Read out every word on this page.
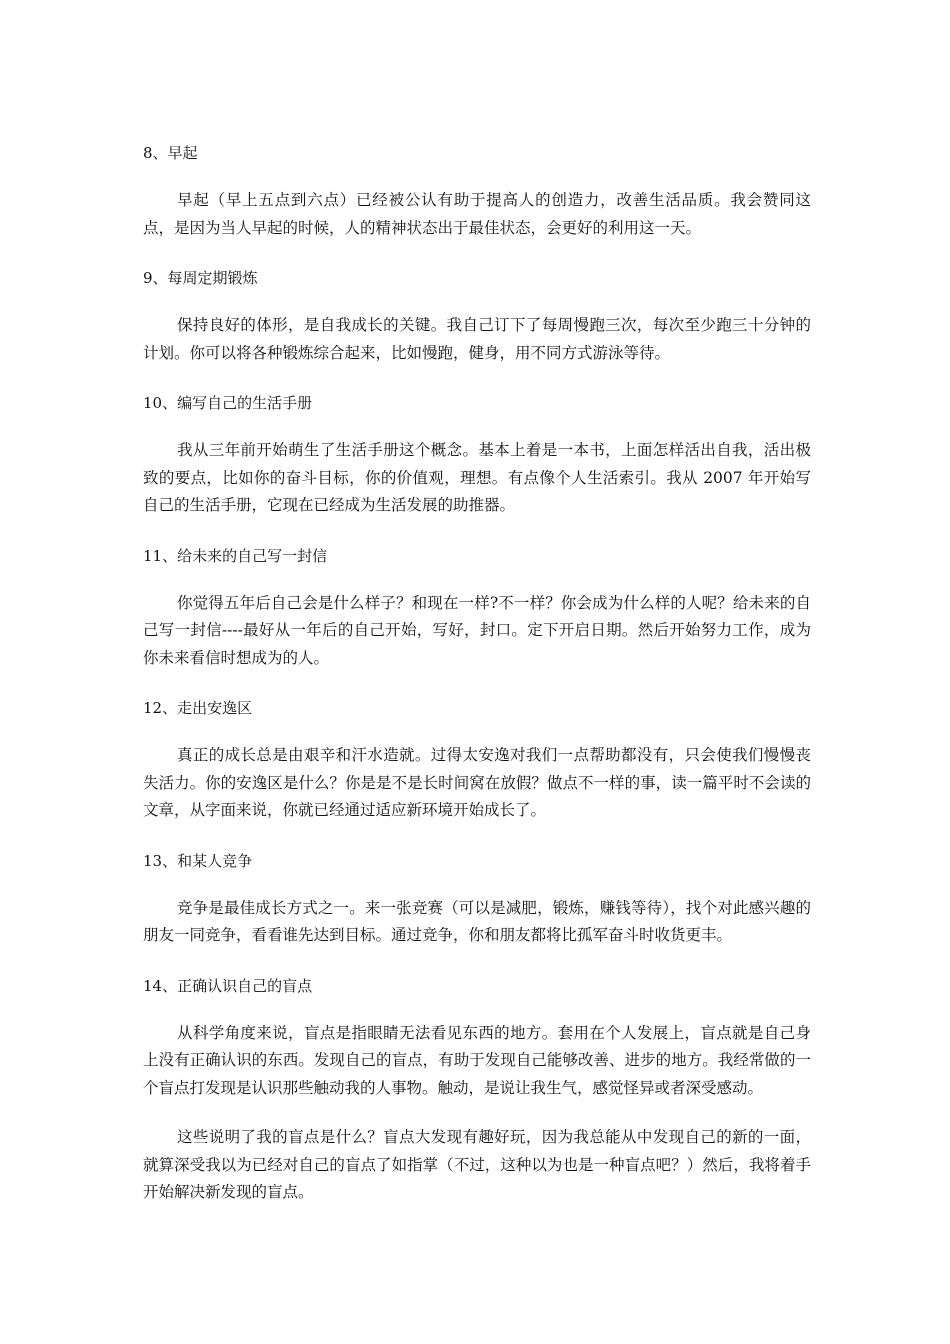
8、早起

早起（早上五点到六点）已经被公认有助于提高人的创造力，改善生活品质。我会赞同这点，是因为当人早起的时候，人的精神状态出于最佳状态，会更好的利用这一天。

9、每周定期锻炼

保持良好的体形，是自我成长的关键。我自己订下了每周慢跑三次，每次至少跑三十分钟的计划。你可以将各种锻炼综合起来，比如慢跑，健身，用不同方式游泳等待。

10、编写自己的生活手册

我从三年前开始萌生了生活手册这个概念。基本上着是一本书，上面怎样活出自我，活出极致的要点，比如你的奋斗目标，你的价值观，理想。有点像个人生活索引。我从 2007 年开始写自己的生活手册，它现在已经成为生活发展的助推器。

11、给未来的自己写一封信

你觉得五年后自己会是什么样子？和现在一样?不一样？你会成为什么样的人呢？给未来的自己写一封信----最好从一年后的自己开始，写好，封口。定下开启日期。然后开始努力工作，成为你未来看信时想成为的人。

12、走出安逸区

真正的成长总是由艰辛和汗水造就。过得太安逸对我们一点帮助都没有，只会使我们慢慢丧失活力。你的安逸区是什么？你是是不是长时间窝在放假？做点不一样的事，读一篇平时不会读的文章，从字面来说，你就已经通过适应新环境开始成长了。

13、和某人竞争

竞争是最佳成长方式之一。来一张竞赛（可以是减肥，锻炼，赚钱等待），找个对此感兴趣的朋友一同竞争，看看谁先达到目标。通过竞争，你和朋友都将比孤军奋斗时收货更丰。

14、正确认识自己的盲点

从科学角度来说，盲点是指眼睛无法看见东西的地方。套用在个人发展上，盲点就是自己身上没有正确认识的东西。发现自己的盲点，有助于发现自己能够改善、进步的地方。我经常做的一个盲点打发现是认识那些触动我的人事物。触动，是说让我生气，感觉怪异或者深受感动。

这些说明了我的盲点是什么？盲点大发现有趣好玩，因为我总能从中发现自己的新的一面，就算深受我以为已经对自己的盲点了如指掌（不过，这种以为也是一种盲点吧？）然后，我将着手开始解决新发现的盲点。
